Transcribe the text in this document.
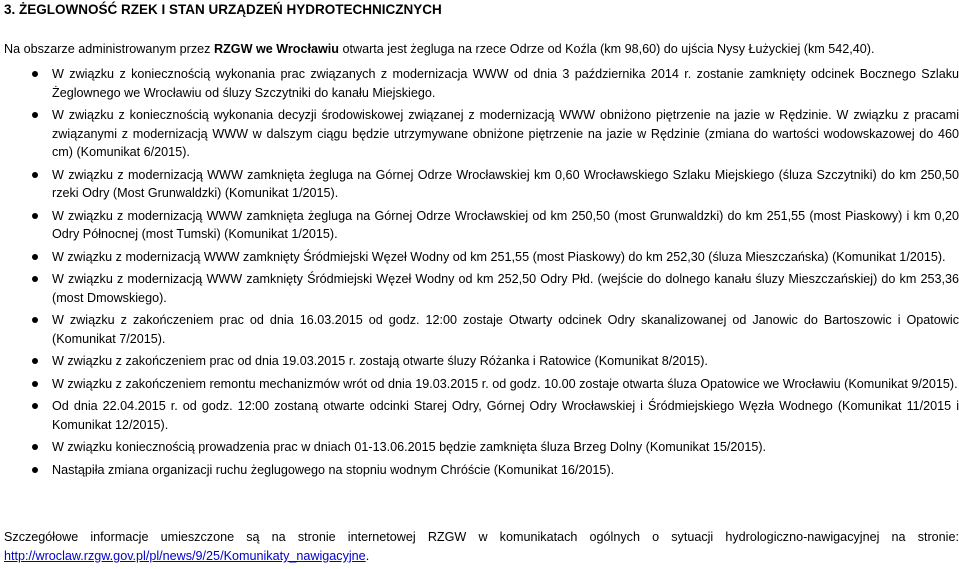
3. ŻEGLOWNOŚĆ RZEK I STAN URZĄDZEŃ HYDROTECHNICZNYCH

Na obszarze administrowanym przez RZGW we Wrocławiu otwarta jest żegluga na rzece Odrze od Koźla (km 98,60) do ujścia Nysy Łużyckiej (km 542,40).

W związku z koniecznością wykonania prac związanych z modernizacja WWW od dnia 3 października 2014 r. zostanie zamknięty odcinek Bocznego Szlaku Żeglownego we Wrocławiu od śluzy Szczytniki do kanału Miejskiego.
W związku z koniecznością wykonania decyzji środowiskowej związanej z modernizacją WWW obniżono piętrzenie na jazie w Rędzinie. W związku z pracami związanymi z modernizacją WWW w dalszym ciągu będzie utrzymywane obniżone piętrzenie na jazie w Rędzinie (zmiana do wartości wodowskazowej do 460 cm) (Komunikat 6/2015).
W związku z modernizacją WWW zamknięta żegluga na Górnej Odrze Wrocławskiej km 0,60 Wrocławskiego Szlaku Miejskiego (śluza Szczytniki) do km 250,50 rzeki Odry (Most Grunwaldzki) (Komunikat 1/2015).
W związku z modernizacją WWW zamknięta żegluga na Górnej Odrze Wrocławskiej od km 250,50 (most Grunwaldzki) do km 251,55 (most Piaskowy) i km 0,20 Odry Północnej (most Tumski) (Komunikat 1/2015).
W związku z modernizacją WWW zamknięty Śródmiejski Węzeł Wodny od km 251,55 (most Piaskowy) do km 252,30 (śluza Mieszczańska) (Komunikat 1/2015).
W związku z modernizacją WWW zamknięty Śródmiejski Węzeł Wodny od km 252,50 Odry Płd. (wejście do dolnego kanału śluzy Mieszczańskiej) do km 253,36 (most Dmowskiego).
W związku z zakończeniem prac od dnia 16.03.2015 od godz. 12:00 zostaje Otwarty odcinek Odry skanalizowanej od Janowic do Bartoszowic i Opatowic (Komunikat 7/2015).
W związku z zakończeniem prac od dnia 19.03.2015 r. zostają otwarte śluzy Różanka i Ratowice (Komunikat 8/2015).
W związku z zakończeniem remontu mechanizmów wrót od dnia 19.03.2015 r. od godz. 10.00 zostaje otwarta śluza Opatowice we Wrocławiu (Komunikat 9/2015).
Od dnia 22.04.2015 r. od godz. 12:00 zostaną otwarte odcinki Starej Odry, Górnej Odry Wrocławskiej i Śródmiejskiego Węzła Wodnego (Komunikat 11/2015 i Komunikat 12/2015).
W związku koniecznością prowadzenia prac w dniach 01-13.06.2015 będzie zamknięta śluza Brzeg Dolny (Komunikat 15/2015).
Nastąpiła zmiana organizacji ruchu żeglugowego na stopniu wodnym Chróście (Komunikat 16/2015).

Szczegółowe informacje umieszczone są na stronie internetowej RZGW w komunikatach ogólnych o sytuacji hydrologiczno-nawigacyjnej na stronie: http://wroclaw.rzgw.gov.pl/pl/news/9/25/Komunikaty_nawigacyjne.
